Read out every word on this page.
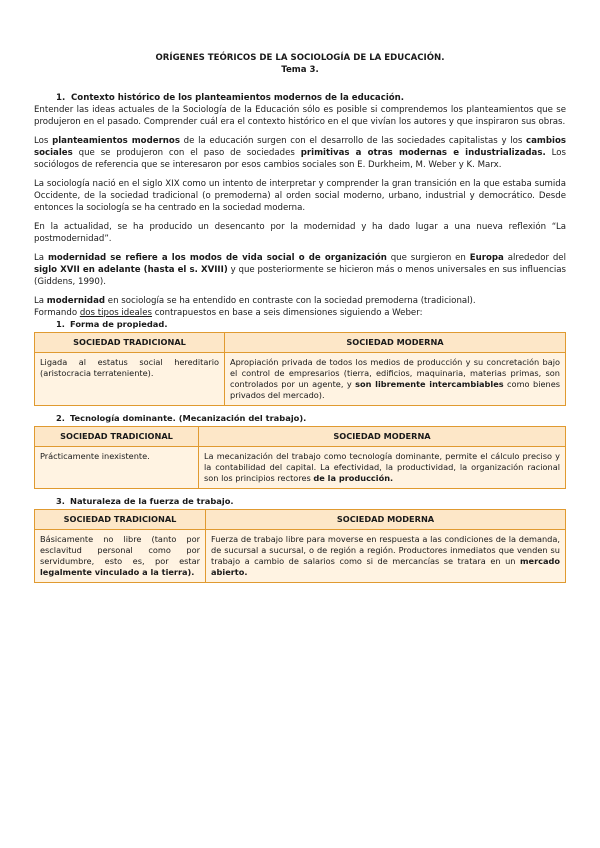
ORÍGENES TEÓRICOS DE LA SOCIOLOGÍA DE LA EDUCACIÓN.
Tema 3.
1. Contexto histórico de los planteamientos modernos de la educación.

Entender las ideas actuales de la Sociología de la Educación sólo es posible si comprendemos los planteamientos que se produjeron en el pasado. Comprender cuál era el contexto histórico en el que vivían los autores y que inspiraron sus obras.

Los planteamientos modernos de la educación surgen con el desarrollo de las sociedades capitalistas y los cambios sociales que se produjeron con el paso de sociedades primitivas a otras modernas e industrializadas. Los sociólogos de referencia que se interesaron por esos cambios sociales son E. Durkheim, M. Weber y K. Marx.

La sociología nació en el siglo XIX como un intento de interpretar y comprender la gran transición en la que estaba sumida Occidente, de la sociedad tradicional (o premoderna) al orden social moderno, urbano, industrial y democrático. Desde entonces la sociología se ha centrado en la sociedad moderna.

En la actualidad, se ha producido un desencanto por la modernidad y ha dado lugar a una nueva reflexión “La postmodernidad”.

La modernidad se refiere a los modos de vida social o de organización que surgieron en Europa alrededor del siglo XVII en adelante (hasta el s. XVIII) y que posteriormente se hicieron más o menos universales en sus influencias (Giddens, 1990).

La modernidad en sociología se ha entendido en contraste con la sociedad premoderna (tradicional).
Formando dos tipos ideales contrapuestos en base a seis dimensiones siguiendo a Weber:

1. Forma de propiedad.
SOCIEDAD TRADICIONAL	SOCIEDAD MODERNA
Ligada al estatus social hereditario (aristocracia terrateniente).	Apropiación privada de todos los medios de producción y su concretación bajo el control de empresarios (tierra, edificios, maquinaria, materias primas, son controlados por un agente, y son libremente intercambiables como bienes privados del mercado).
2. Tecnología dominante. (Mecanización del trabajo).
SOCIEDAD TRADICIONAL	SOCIEDAD MODERNA
Prácticamente inexistente.	La mecanización del trabajo como tecnología dominante, permite el cálculo preciso y la contabilidad del capital. La efectividad, la productividad, la organización racional son los principios rectores de la producción.
3. Naturaleza de la fuerza de trabajo.
SOCIEDAD TRADICIONAL	SOCIEDAD MODERNA
Básicamente no libre (tanto por esclavitud personal como por servidumbre, esto es, por estar legalmente vinculado a la tierra).	Fuerza de trabajo libre para moverse en respuesta a las condiciones de la demanda, de sucursal a sucursal, o de región a región. Productores inmediatos que venden su trabajo a cambio de salarios como si de mercancías se tratara en un mercado abierto.
